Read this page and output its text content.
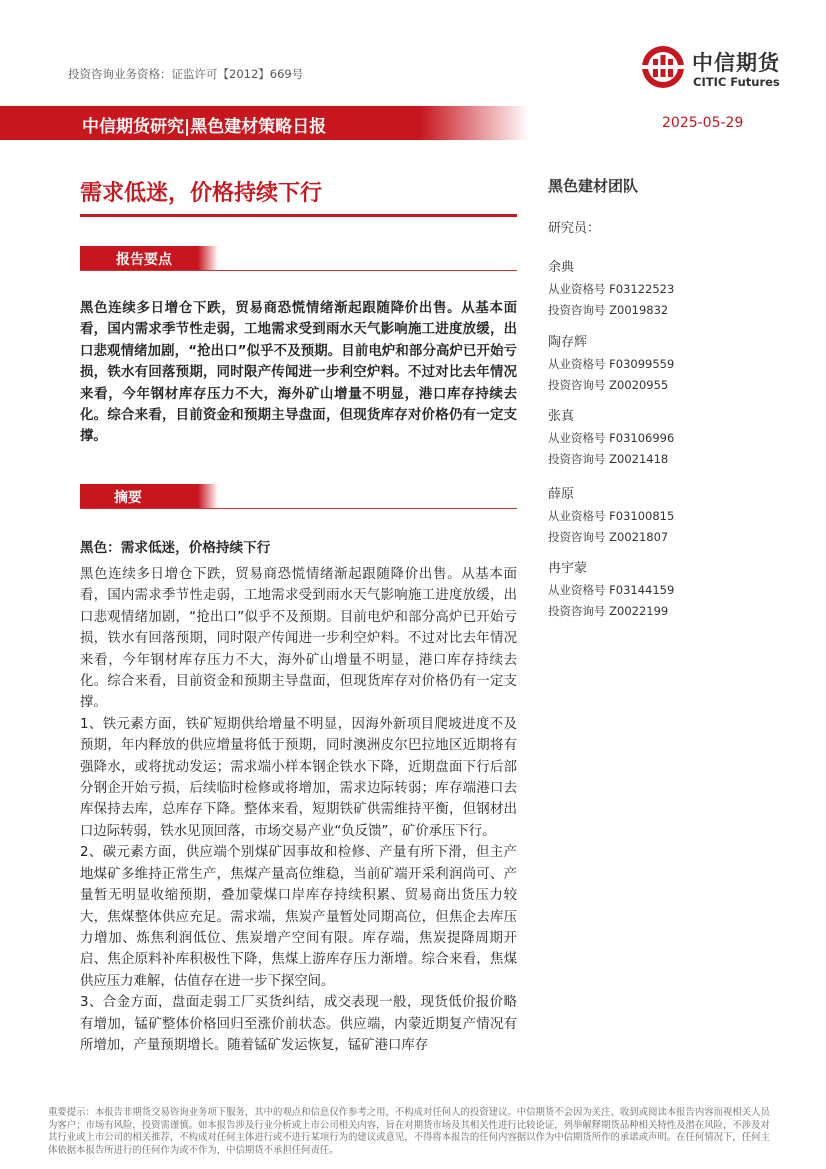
投资咨询业务资格：证监许可【2012】669号	中信期货
CITIC Futures
中信期货研究|黑色建材策略日报	2025-05-29
需求低迷，价格持续下行
报告要点
黑色连续多日增仓下跌，贸易商恐慌情绪渐起跟随降价出售。从基本面看，国内需求季节性走弱，工地需求受到雨水天气影响施工进度放缓，出口悲观情绪加剧，“抢出口”似乎不及预期。目前电炉和部分高炉已开始亏损，铁水有回落预期，同时限产传闻进一步利空炉料。不过对比去年情况来看，今年钢材库存压力不大，海外矿山增量不明显，港口库存持续去化。综合来看，目前资金和预期主导盘面，但现货库存对价格仍有一定支撑。
摘要
黑色：需求低迷，价格持续下行

黑色连续多日增仓下跌，贸易商恐慌情绪渐起跟随降价出售。从基本面看，国内需求季节性走弱，工地需求受到雨水天气影响施工进度放缓，出口悲观情绪加剧，“抢出口”似乎不及预期。目前电炉和部分高炉已开始亏损，铁水有回落预期，同时限产传闻进一步利空炉料。不过对比去年情况来看，今年钢材库存压力不大，海外矿山增量不明显，港口库存持续去化。综合来看，目前资金和预期主导盘面，但现货库存对价格仍有一定支撑。

1、铁元素方面，铁矿短期供给增量不明显，因海外新项目爬坡进度不及预期，年内释放的供应增量将低于预期，同时澳洲皮尔巴拉地区近期将有强降水，或将扰动发运；需求端小样本钢企铁水下降，近期盘面下行后部分钢企开始亏损，后续临时检修或将增加，需求边际转弱；库存端港口去库保持去库，总库存下降。整体来看，短期铁矿供需维持平衡，但钢材出口边际转弱，铁水见顶回落，市场交易产业“负反馈”，矿价承压下行。

2、碳元素方面，供应端个别煤矿因事故和检修、产量有所下滑，但主产地煤矿多维持正常生产，焦煤产量高位维稳，当前矿端开采利润尚可、产量暂无明显收缩预期，叠加蒙煤口岸库存持续积累、贸易商出货压力较大，焦煤整体供应充足。需求端，焦炭产量暂处同期高位，但焦企去库压力增加、炼焦利润低位、焦炭增产空间有限。库存端，焦炭提降周期开启、焦企原料补库积极性下降，焦煤上游库存压力渐增。综合来看，焦煤供应压力难解，估值存在进一步下探空间。

3、合金方面，盘面走弱工厂买货纠结，成交表现一般，现货低价报价略有增加，锰矿整体价格回归至涨价前状态。供应端，内蒙近期复产情况有所增加，产量预期增长。随着锰矿发运恢复，锰矿港口库存

黑色建材团队
研究员：
余典
从业资格号 F03122523
投资咨询号 Z0019832
陶存辉
从业资格号 F03099559
投资咨询号 Z0020955
张真
从业资格号 F03106996
投资咨询号 Z0021418
薛原
从业资格号 F03100815
投资咨询号 Z0021807
冉宇蒙
从业资格号 F03144159
投资咨询号 Z0022199
重要提示：本报告非期货交易咨询业务项下服务，其中的观点和信息仅作参考之用，不构成对任何人的投资建议。中信期货不会因为关注、收到或阅读本报告内容而视相关人员为客户；市场有风险，投资需谨慎。如本报告涉及行业分析或上市公司相关内容，旨在对期货市场及其相关性进行比较论证，列举解释期货品种相关特性及潜在风险，不涉及对其行业或上市公司的相关推荐，不构成对任何主体进行或不进行某项行为的建议或意见，不得将本报告的任何内容据以作为中信期货所作的承诺或声明。在任何情况下，任何主体依据本报告所进行的任何作为或不作为，中信期货不承担任何责任。
